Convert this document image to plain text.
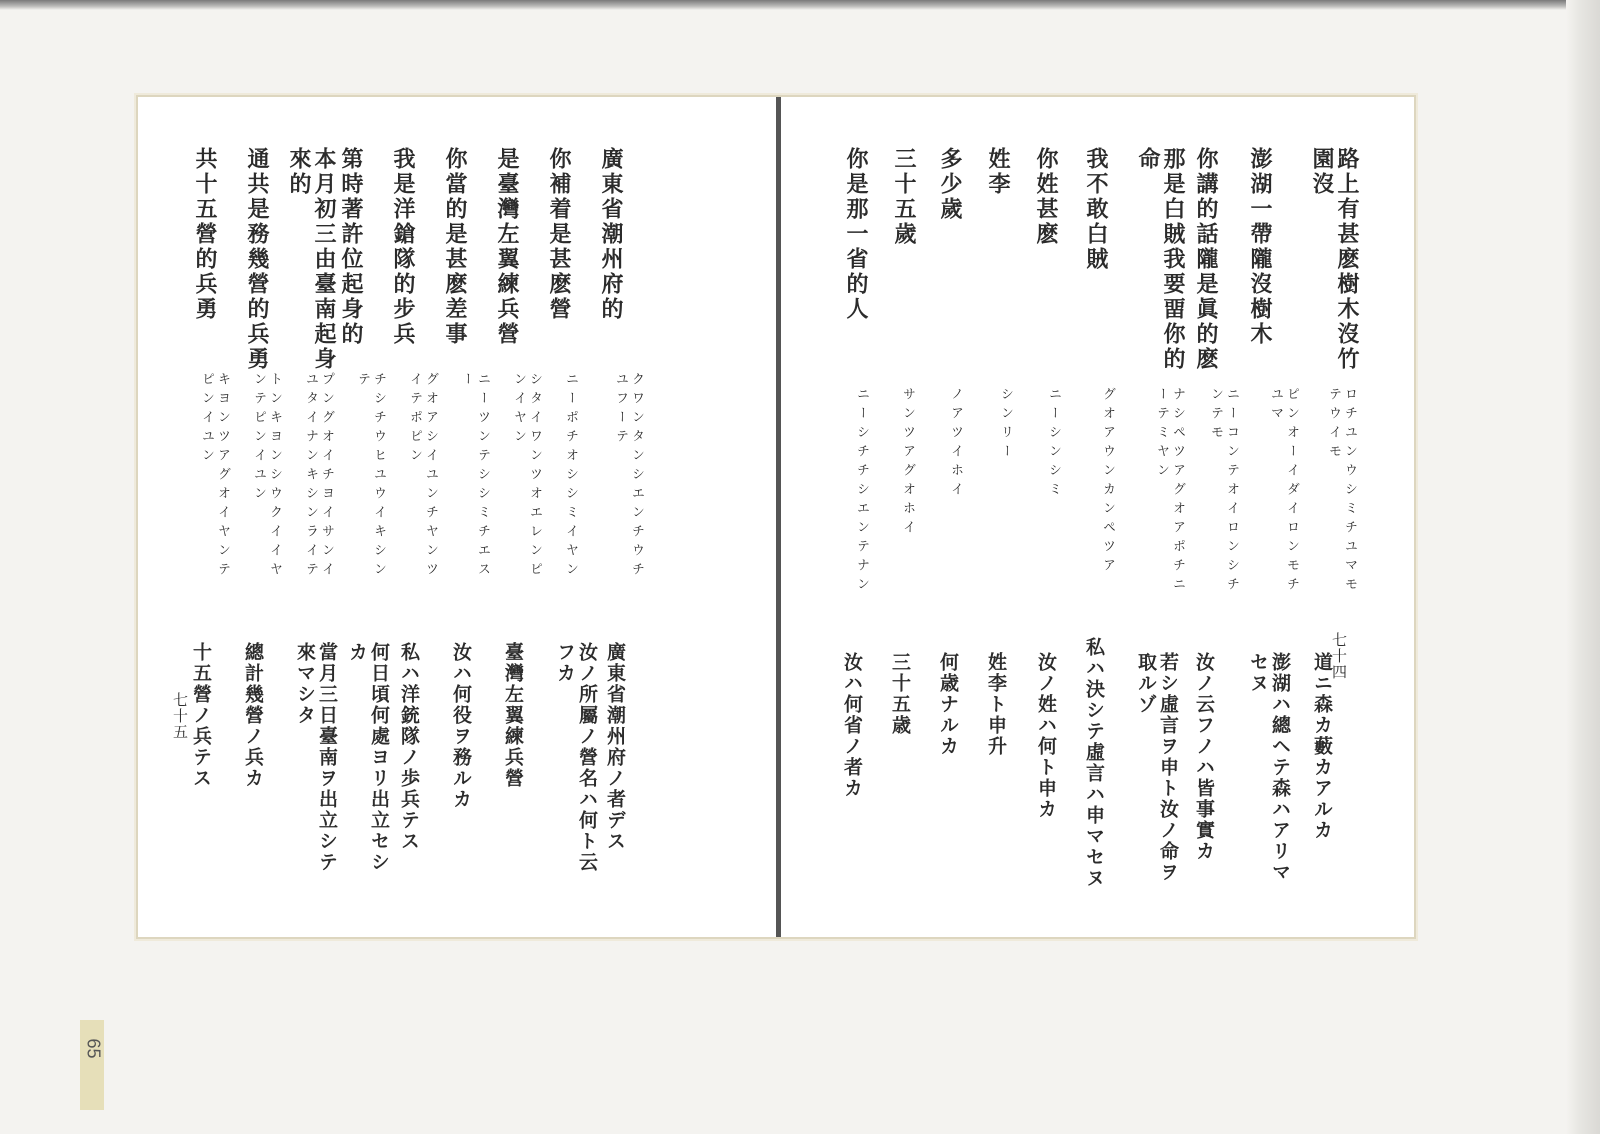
廣東省潮州府的
你補着是甚麽營
是臺灣左翼練兵營
你當的是甚麽差事
我是洋鎗隊的步兵
第時著許位起身的
本月初三由臺南起身
來的
通共是務幾營的兵勇
共十五營的兵勇
クワンタンシエンチウチ
ユフーテ
ニーポチオシシミイヤン
シタイワンツオエレンピ
ンイヤン
ニーツンテシシミチエス
ー
グオアシイユンチヤンツ
イテポピン
チシチウヒユウイキシン
テ
プングオイチヨイサンイ
ユタイナンキシンライテ
トンキヨンシウクイイヤ
ンテピンイユン
キヨンツアグオイヤンテ
ピンイユン
廣東省潮州府ノ者デス
汝ノ所屬ノ營名ハ何ト云
フカ
臺灣左翼練兵營
汝ハ何役ヲ務ルカ
私ハ洋銃隊ノ歩兵テス
何日頃何處ヨリ出立セシ
カ
當月三日臺南ヲ出立シテ
來マシタ
總計幾營ノ兵カ
十五營ノ兵テス
七十五
路上有甚麽樹木沒竹
園沒
澎湖一帶隴沒樹木
你講的話隴是眞的麽
那是白賊我要畱你的
命
我不敢白賊
你姓甚麽
姓李
多少歲
三十五歲
你是那一省的人
ロチユンウシミチユマモ
テウイモ
ピンオーイダイロンモチ
ユマ
ニーコンテオイロンシチ
ンテモ
ナシペツアグオアポチニ
ーテミヤン
グオアウンカンペツア
ニーシンシミ
シンリー
ノアツイホイ
サンツアグオホイ
ニーシチチシエンテナン
道ニ森カ藪カアルカ
澎湖ハ總ヘテ森ハアリマ
セヌ
汝ノ云フノハ皆事實カ
若シ虛言ヲ申ト汝ノ命ヲ
取ルゾ
私ハ決シテ虛言ハ申マセヌ
汝ノ姓ハ何ト申カ
姓李ト申升
何歳ナルカ
三十五歳
汝ハ何省ノ者カ	七十四
65
